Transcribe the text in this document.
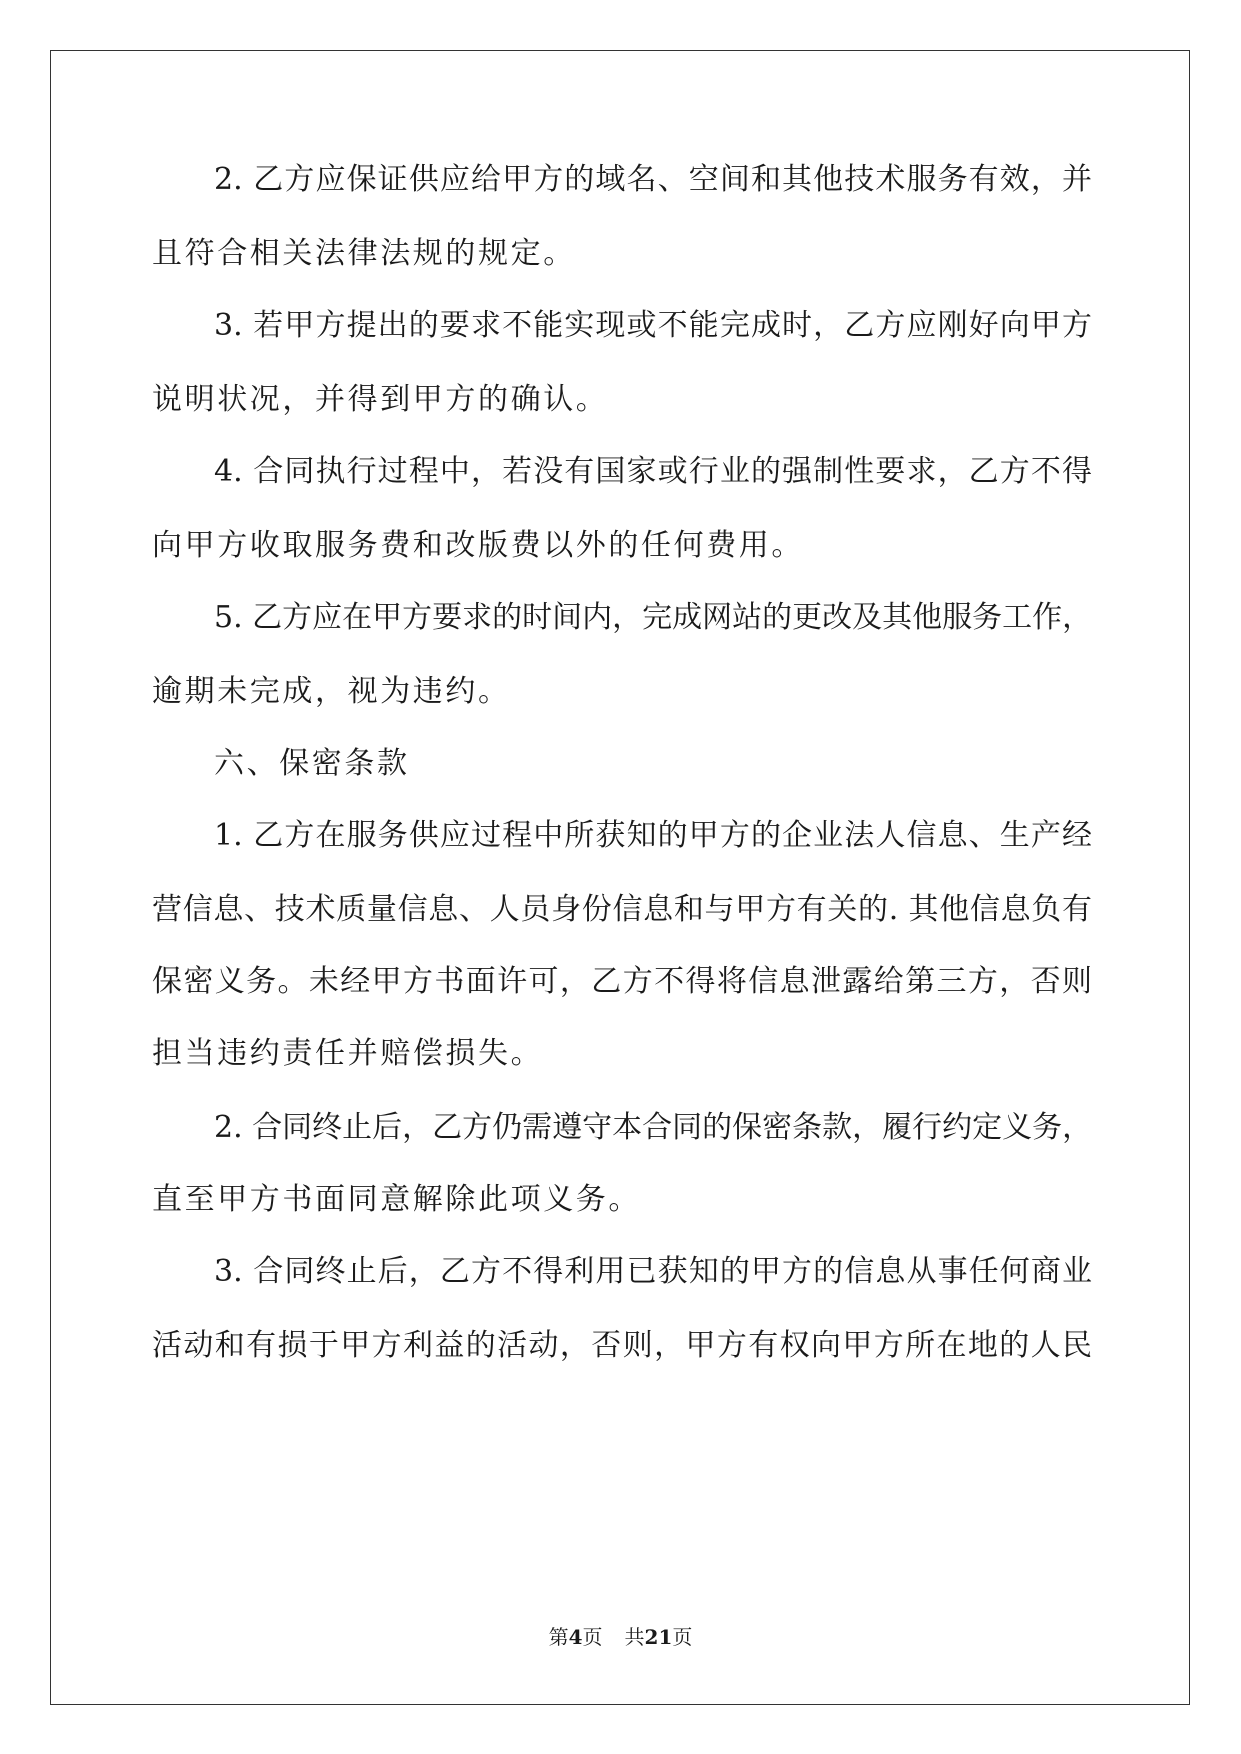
2. 乙方应保证供应给甲方的域名、空间和其他技术服务有效，并
且符合相关法律法规的规定。
3. 若甲方提出的要求不能实现或不能完成时，乙方应刚好向甲方
说明状况，并得到甲方的确认。
4. 合同执行过程中，若没有国家或行业的强制性要求，乙方不得
向甲方收取服务费和改版费以外的任何费用。
5. 乙方应在甲方要求的时间内，完成网站的更改及其他服务工作，
逾期未完成，视为违约。
六、保密条款
1. 乙方在服务供应过程中所获知的甲方的企业法人信息、生产经
营信息、技术质量信息、人员身份信息和与甲方有关的. 其他信息负有
保密义务。未经甲方书面许可，乙方不得将信息泄露给第三方，否则
担当违约责任并赔偿损失。
2. 合同终止后，乙方仍需遵守本合同的保密条款，履行约定义务，
直至甲方书面同意解除此项义务。
3. 合同终止后，乙方不得利用已获知的甲方的信息从事任何商业
活动和有损于甲方利益的活动，否则，甲方有权向甲方所在地的人民
第4页 共21页
